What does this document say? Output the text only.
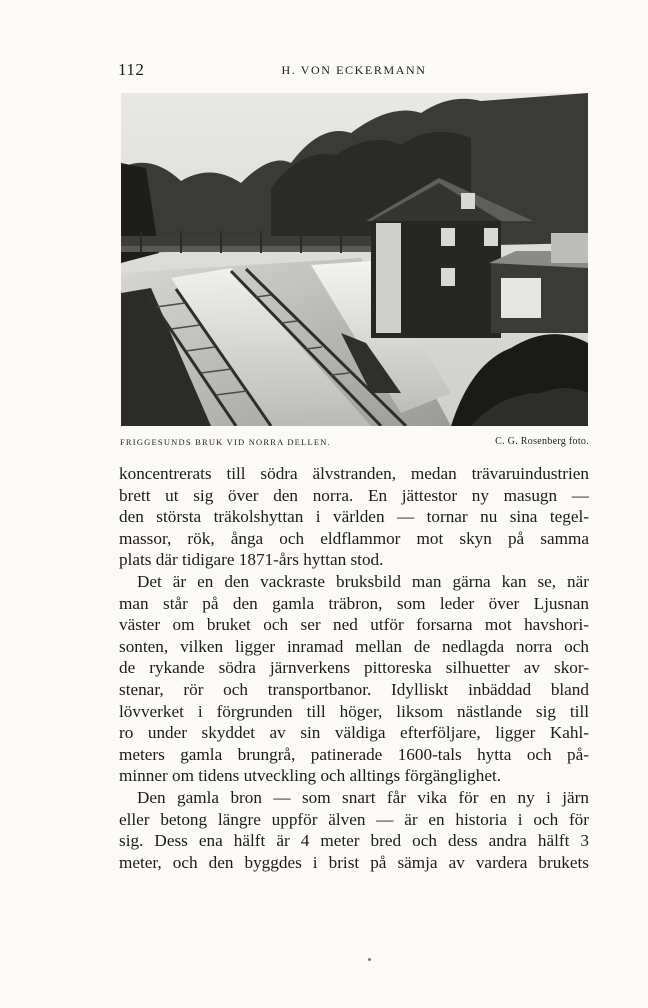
112	H. VON ECKERMANN
FRIGGESUNDS BRUK VID NORRA DELLEN.	C. G. Rosenberg foto.
koncentrerats till södra älvstranden, medan trävaruindustrien
brett ut sig över den norra. En jättestor ny masugn —
den största träkolshyttan i världen — tornar nu sina tegel-
massor, rök, ånga och eldflammor mot skyn på samma
plats där tidigare 1871-års hyttan stod.
Det är en den vackraste bruksbild man gärna kan se, när
man står på den gamla träbron, som leder över Ljusnan
väster om bruket och ser ned utför forsarna mot havshori-
sonten, vilken ligger inramad mellan de nedlagda norra och
de rykande södra järnverkens pittoreska silhuetter av skor-
stenar, rör och transportbanor. Idylliskt inbäddad bland
lövverket i förgrunden till höger, liksom nästlande sig till
ro under skyddet av sin väldiga efterföljare, ligger Kahl-
meters gamla brungrå, patinerade 1600-tals hytta och på-
minner om tidens utveckling och alltings förgänglighet.
Den gamla bron — som snart får vika för en ny i järn
eller betong längre uppför älven — är en historia i och för
sig. Dess ena hälft är 4 meter bred och dess andra hälft 3
meter, och den byggdes i brist på sämja av vardera brukets
